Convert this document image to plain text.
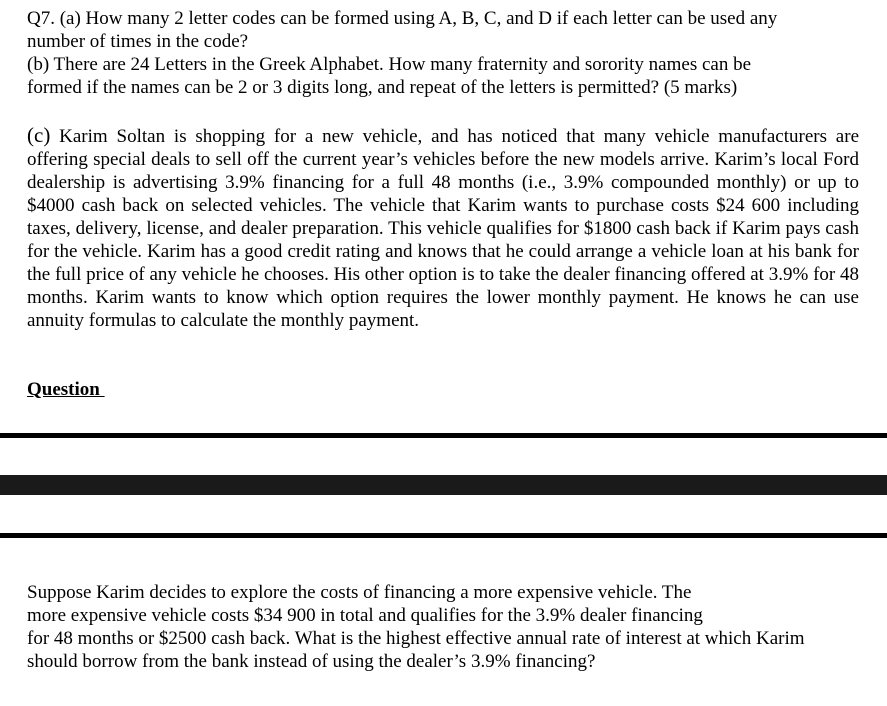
Q7. (a) How many 2 letter codes can be formed using A, B, C, and D if each letter can be used any
number of times in the code?
(b) There are 24 Letters in the Greek Alphabet. How many fraternity and sorority names can be
formed if the names can be 2 or 3 digits long, and repeat of the letters is permitted? (5 marks)
(c) Karim Soltan is shopping for a new vehicle, and has noticed that many vehicle manufacturers are offering special deals to sell off the current year’s vehicles before the new models arrive. Karim’s local Ford dealership is advertising 3.9% financing for a full 48 months (i.e., 3.9% compounded monthly) or up to $4000 cash back on selected vehicles. The vehicle that Karim wants to purchase costs $24 600 including taxes, delivery, license, and dealer preparation. This vehicle qualifies for $1800 cash back if Karim pays cash for the vehicle. Karim has a good credit rating and knows that he could arrange a vehicle loan at his bank for the full price of any vehicle he chooses. His other option is to take the dealer financing offered at 3.9% for 48 months. Karim wants to know which option requires the lower monthly payment. He knows he can use annuity formulas to calculate the monthly payment.
Question
Suppose Karim decides to explore the costs of financing a more expensive vehicle. The
more expensive vehicle costs $34 900 in total and qualifies for the 3.9% dealer financing
for 48 months or $2500 cash back. What is the highest effective annual rate of interest at which Karim
should borrow from the bank instead of using the dealer’s 3.9% financing?
